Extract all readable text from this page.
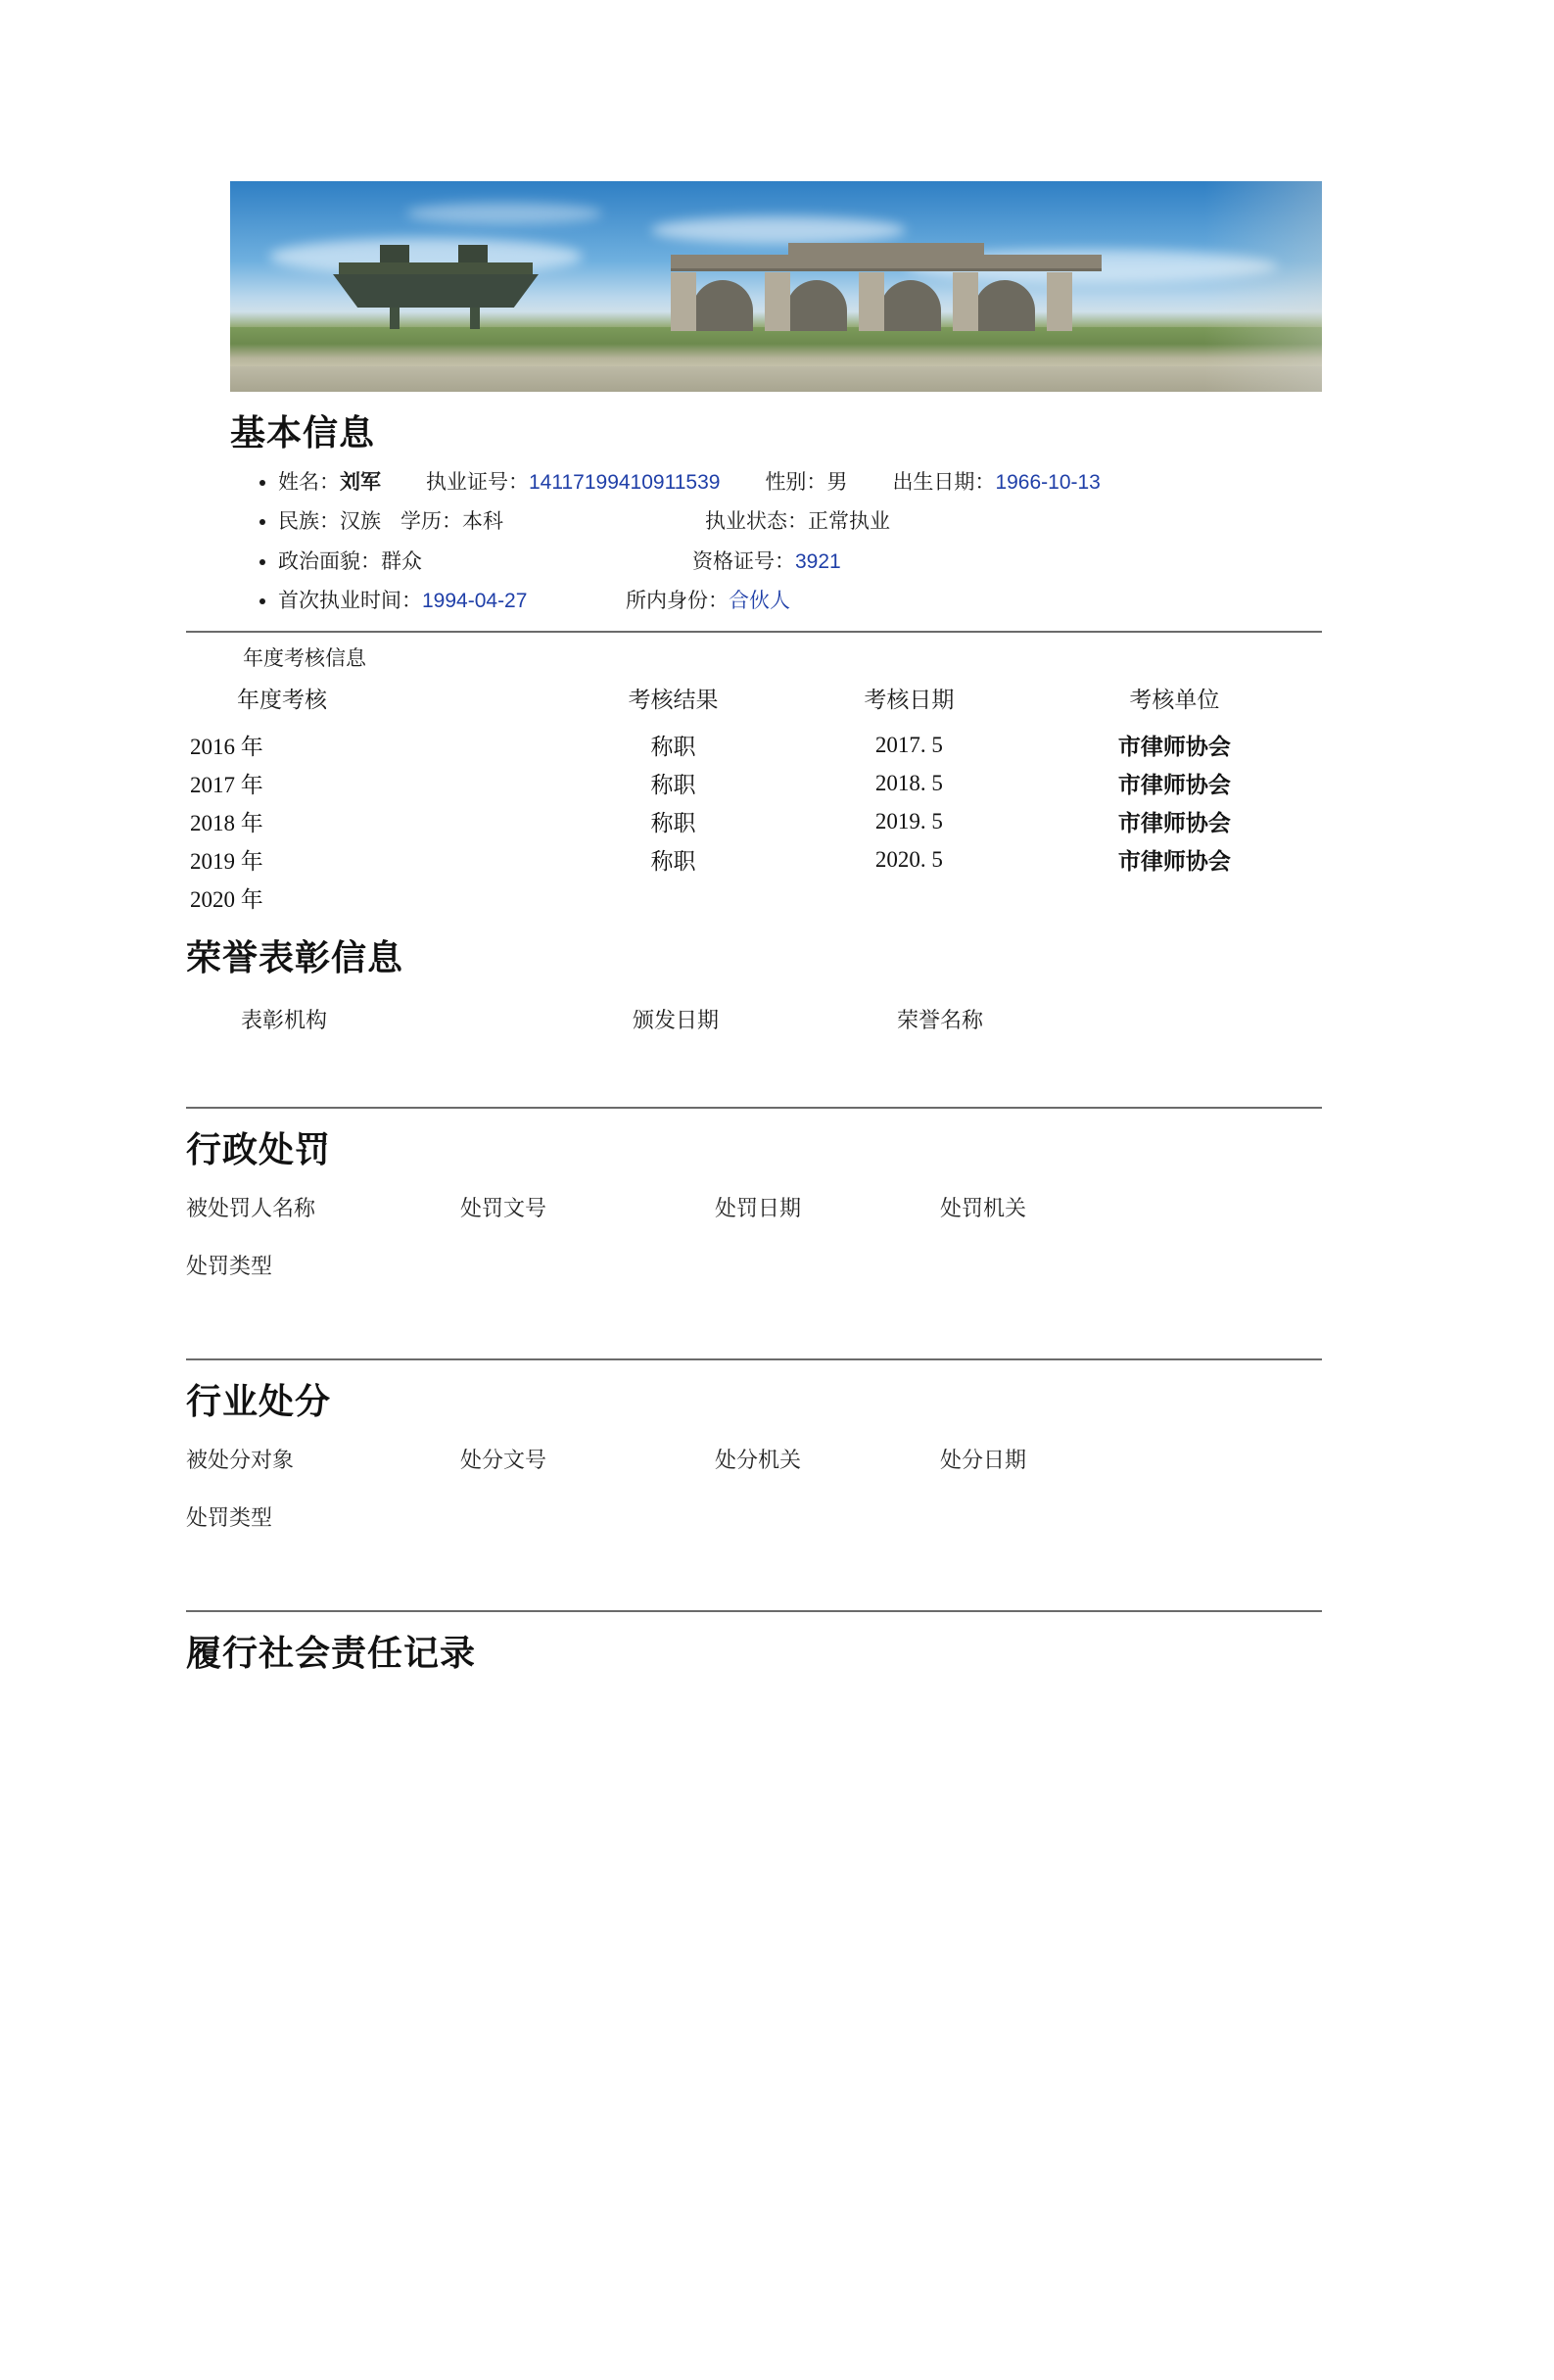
基本信息
• 姓名：刘军 执业证号：14117199410911539 性别：男 出生日期：1966-10-13
• 民族：汉族 学历：本科	执业状态：正常执业
• 政治面貌：群众	资格证号：3921
• 首次执业时间：1994-04-27	所内身份：合伙人
年度考核信息
年度考核	考核结果	考核日期	考核单位
2016 年	称职	2017. 5	市律师协会
2017 年	称职	2018. 5	市律师协会
2018 年	称职	2019. 5	市律师协会
2019 年	称职	2020. 5	市律师协会
2020 年			
荣誉表彰信息
表彰机构	颁发日期	荣誉名称
行政处罚
被处罚人名称	处罚文号	处罚日期	处罚机关
处罚类型
行业处分
被处分对象	处分文号	处分机关	处分日期
处罚类型
履行社会责任记录
